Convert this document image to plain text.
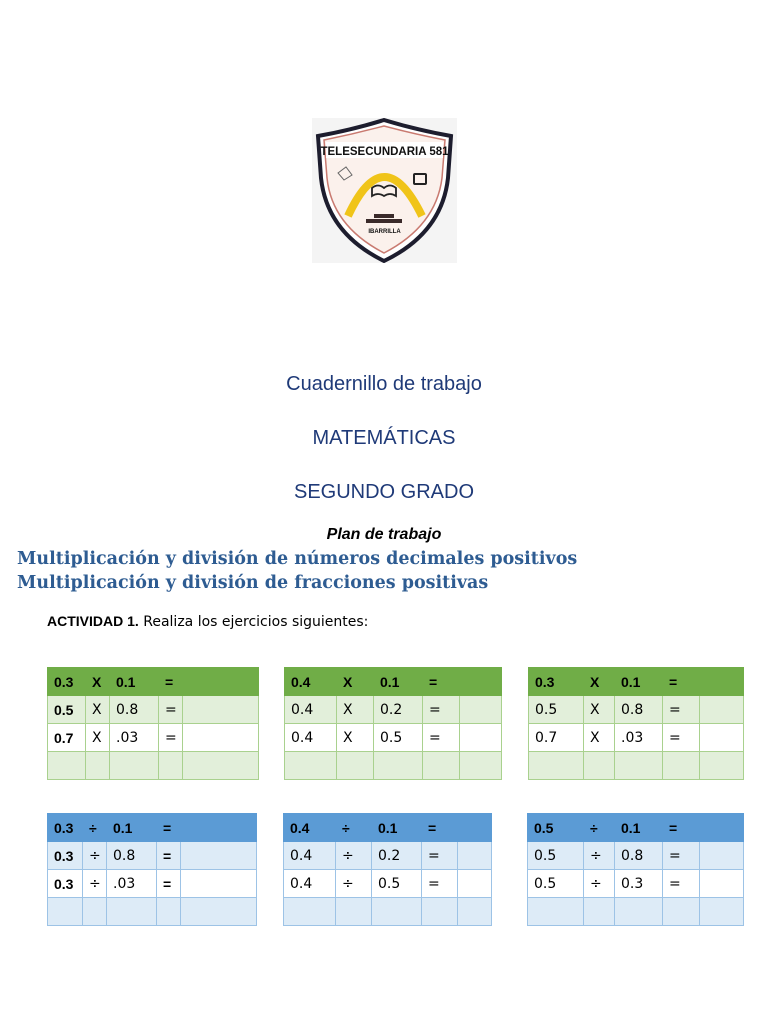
TELESECUNDARIA 581
IBARRILLA
Cuadernillo de trabajo
MATEMÁTICAS
SEGUNDO GRADO
Plan de trabajo
Multiplicación y división de números decimales positivos
Multiplicación y división de fracciones positivas
ACTIVIDAD 1. Realiza los ejercicios siguientes:
0.3	X	0.1	=	
0.5	X	0.8	=	
0.7	X	.03	=	

0.4	X	0.1	=	
0.4	X	0.2	=	
0.4	X	0.5	=	

0.3	X	0.1	=	
0.5	X	0.8	=	
0.7	X	.03	=	

0.3	÷	0.1	=	
0.3	÷	0.8	=	
0.3	÷	.03	=	

0.4	÷	0.1	=	
0.4	÷	0.2	=	
0.4	÷	0.5	=	

0.5	÷	0.1	=	
0.5	÷	0.8	=	
0.5	÷	0.3	=	
